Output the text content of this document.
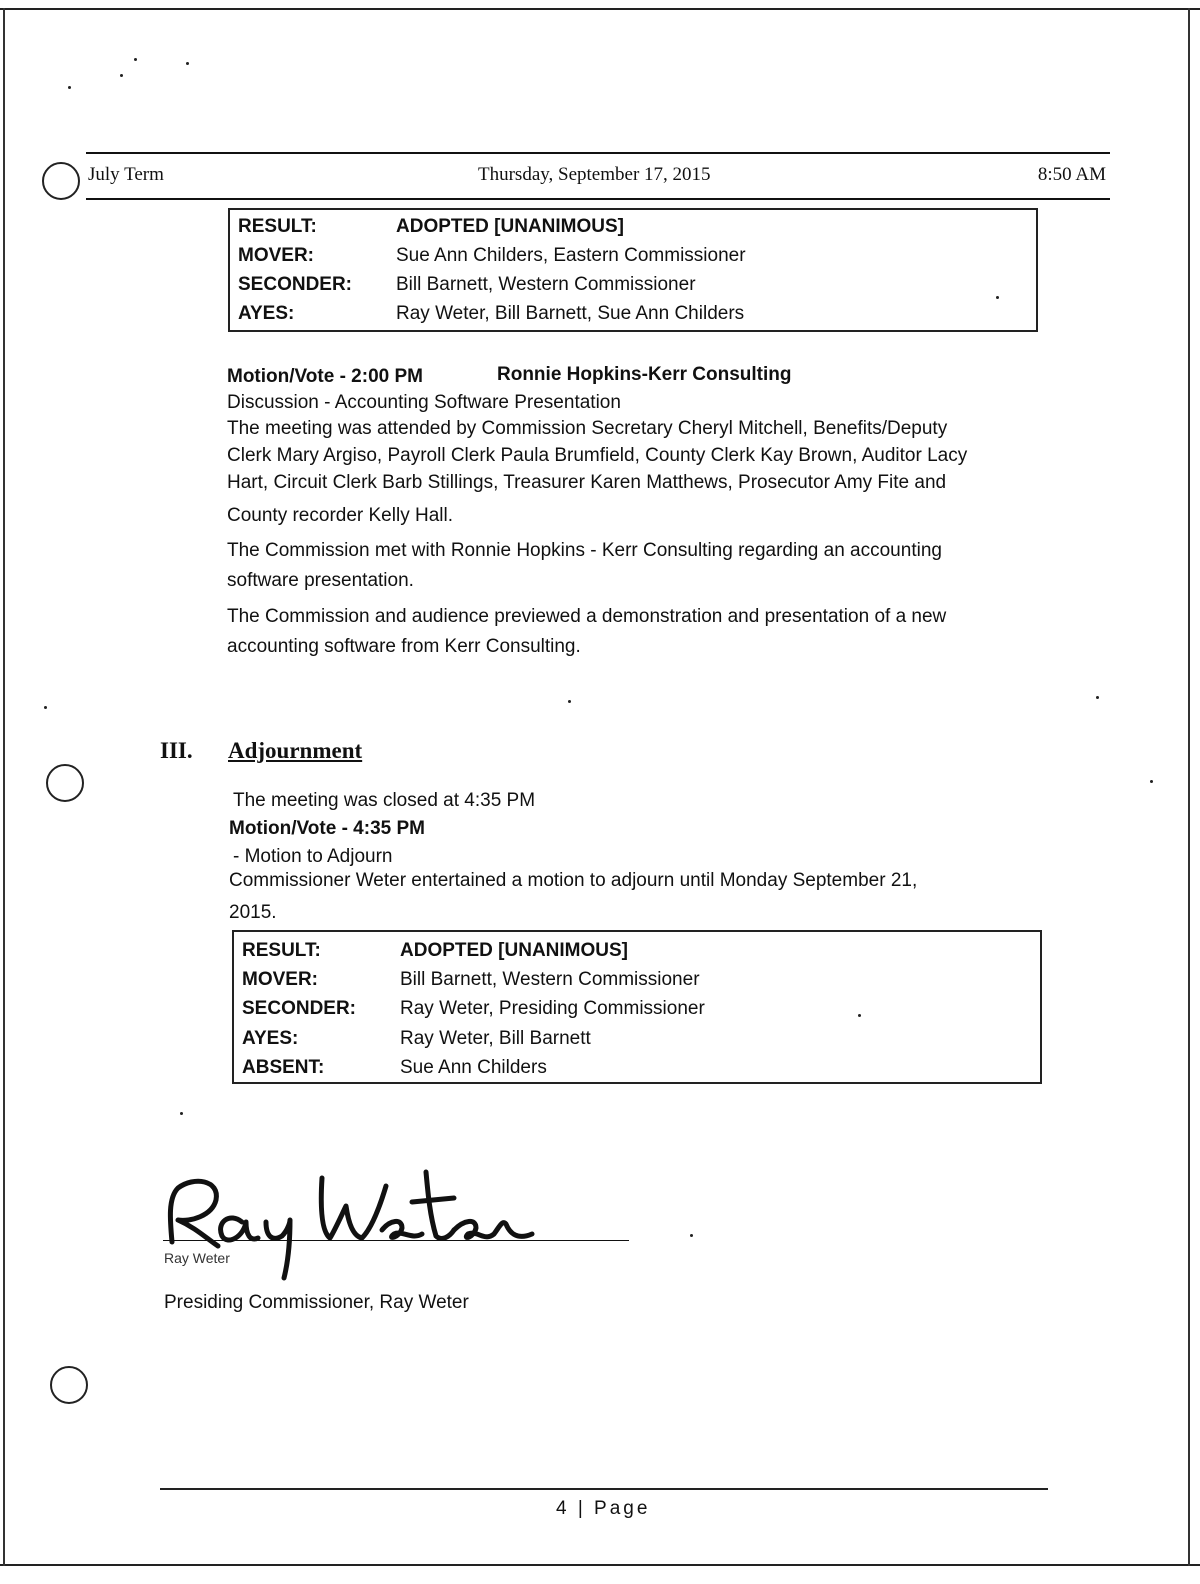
July Term	Thursday, September 17, 2015	8:50 AM
RESULT:	ADOPTED [UNANIMOUS]
MOVER:	Sue Ann Childers, Eastern Commissioner
SECONDER: Bill Barnett, Western Commissioner
AYES:	Ray Weter, Bill Barnett, Sue Ann Childers
Motion/Vote - 2:00 PM	Ronnie Hopkins-Kerr Consulting
Discussion - Accounting Software Presentation
The meeting was attended by Commission Secretary Cheryl Mitchell, Benefits/Deputy
Clerk Mary Argiso, Payroll Clerk Paula Brumfield, County Clerk Kay Brown, Auditor Lacy
Hart, Circuit Clerk Barb Stillings, Treasurer Karen Matthews, Prosecutor Amy Fite and
County recorder Kelly Hall.
The Commission met with Ronnie Hopkins - Kerr Consulting regarding an accounting
software presentation.
The Commission and audience previewed a demonstration and presentation of a new
accounting software from Kerr Consulting.
III. Adjournment
The meeting was closed at 4:35 PM
Motion/Vote - 4:35 PM
- Motion to Adjourn
Commissioner Weter entertained a motion to adjourn until Monday September 21,
2015.
RESULT:	ADOPTED [UNANIMOUS]
MOVER:	Bill Barnett, Western Commissioner
SECONDER: Ray Weter, Presiding Commissioner
AYES:	Ray Weter, Bill Barnett
ABSENT:	Sue Ann Childers
Ray Weter
Presiding Commissioner, Ray Weter
4 | Page
